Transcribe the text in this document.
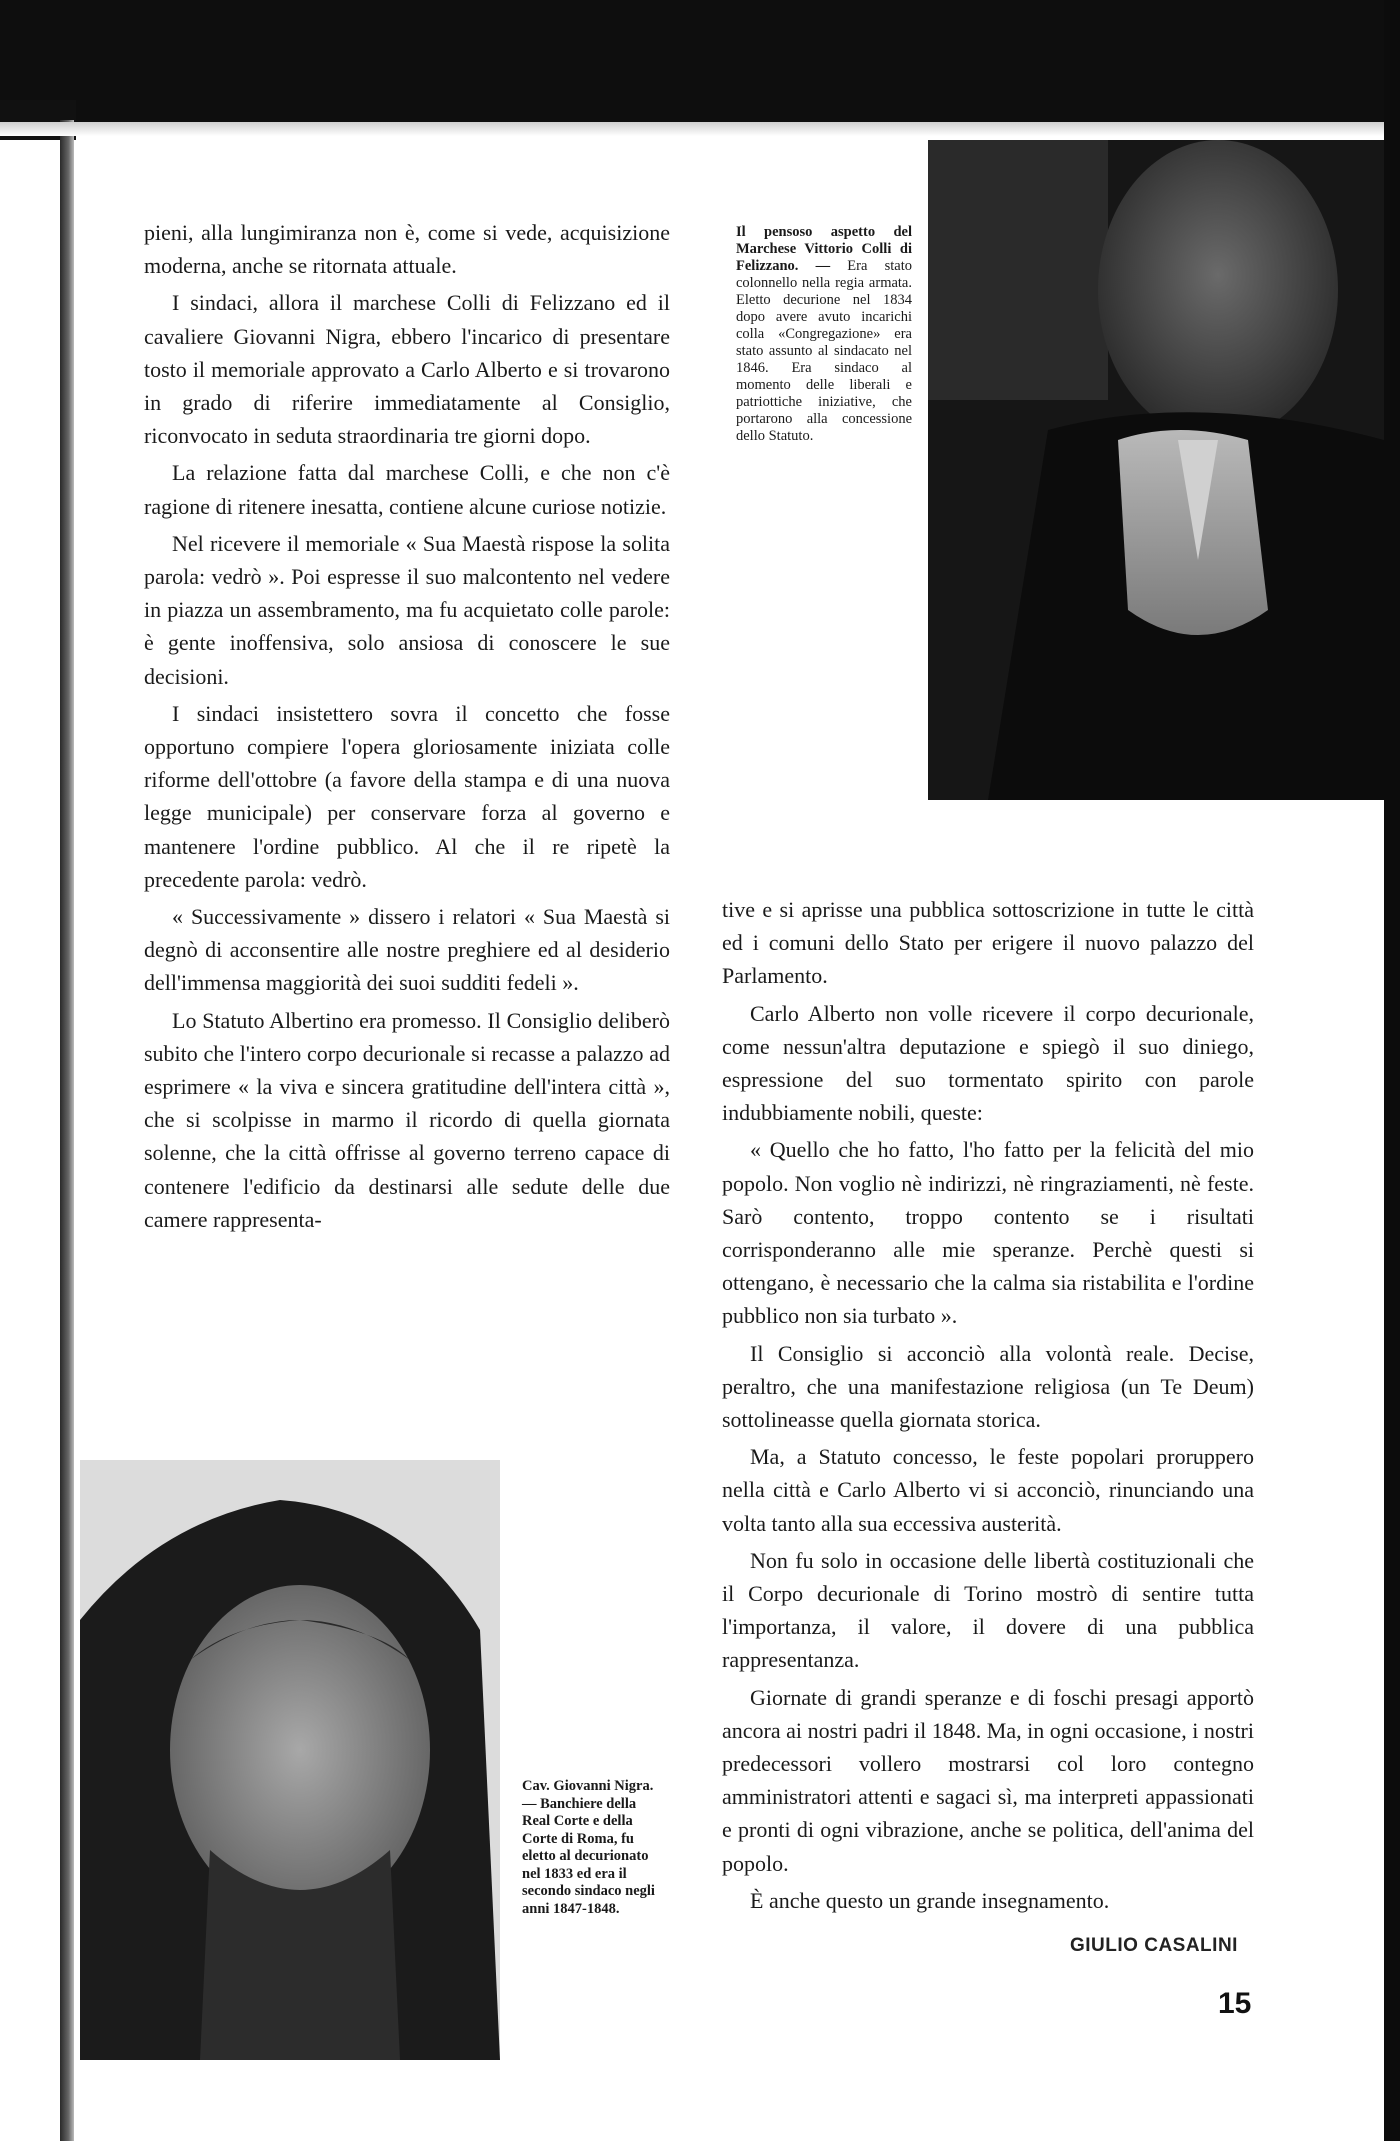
Il pensoso aspetto del Marchese Vittorio Colli di Felizzano. — Era stato colonnello nella regia armata. Eletto decurione nel 1834 dopo avere avuto incarichi colla «Congregazione» era stato assunto al sindacato nel 1846. Era sindaco al momento delle liberali e patriottiche iniziative, che portarono alla concessione dello Statuto.
Cav. Giovanni Nigra. — Banchiere della Real Corte e della Corte di Roma, fu eletto al decurionato nel 1833 ed era il secondo sindaco negli anni 1847-1848.

pieni, alla lungimiranza non è, come si vede, acquisizione moderna, anche se ritornata attuale.

I sindaci, allora il marchese Colli di Felizzano ed il cavaliere Giovanni Nigra, ebbero l'incarico di presentare tosto il memoriale approvato a Carlo Alberto e si trovarono in grado di riferire immediatamente al Consiglio, riconvocato in seduta straordinaria tre giorni dopo.

La relazione fatta dal marchese Colli, e che non c'è ragione di ritenere inesatta, contiene alcune curiose notizie.

Nel ricevere il memoriale « Sua Maestà rispose la solita parola: vedrò ». Poi espresse il suo malcontento nel vedere in piazza un assembramento, ma fu acquietato colle parole: è gente inoffensiva, solo ansiosa di conoscere le sue decisioni.

I sindaci insistettero sovra il concetto che fosse opportuno compiere l'opera gloriosamente iniziata colle riforme dell'ottobre (a favore della stampa e di una nuova legge municipale) per conservare forza al governo e mantenere l'ordine pubblico. Al che il re ripetè la precedente parola: vedrò.

« Successivamente » dissero i relatori « Sua Maestà si degnò di acconsentire alle nostre preghiere ed al desiderio dell'immensa maggiorità dei suoi sudditi fedeli ».

Lo Statuto Albertino era promesso. Il Consiglio deliberò subito che l'intero corpo decurionale si recasse a palazzo ad esprimere « la viva e sincera gratitudine dell'intera città », che si scolpisse in marmo il ricordo di quella giornata solenne, che la città offrisse al governo terreno capace di contenere l'edificio da destinarsi alle sedute delle due camere rappresenta-

tive e si aprisse una pubblica sottoscrizione in tutte le città ed i comuni dello Stato per erigere il nuovo palazzo del Parlamento.

Carlo Alberto non volle ricevere il corpo decurionale, come nessun'altra deputazione e spiegò il suo diniego, espressione del suo tormentato spirito con parole indubbiamente nobili, queste:

« Quello che ho fatto, l'ho fatto per la felicità del mio popolo. Non voglio nè indirizzi, nè ringraziamenti, nè feste. Sarò contento, troppo contento se i risultati corrisponderanno alle mie speranze. Perchè questi si ottengano, è necessario che la calma sia ristabilita e l'ordine pubblico non sia turbato ».

Il Consiglio si acconciò alla volontà reale. Decise, peraltro, che una manifestazione religiosa (un Te Deum) sottolineasse quella giornata storica.

Ma, a Statuto concesso, le feste popolari proruppero nella città e Carlo Alberto vi si acconciò, rinunciando una volta tanto alla sua eccessiva austerità.

Non fu solo in occasione delle libertà costituzionali che il Corpo decurionale di Torino mostrò di sentire tutta l'importanza, il valore, il dovere di una pubblica rappresentanza.

Giornate di grandi speranze e di foschi presagi apportò ancora ai nostri padri il 1848. Ma, in ogni occasione, i nostri predecessori vollero mostrarsi col loro contegno amministratori attenti e sagaci sì, ma interpreti appassionati e pronti di ogni vibrazione, anche se politica, dell'anima del popolo.

È anche questo un grande insegnamento.

GIULIO CASALINI
15
